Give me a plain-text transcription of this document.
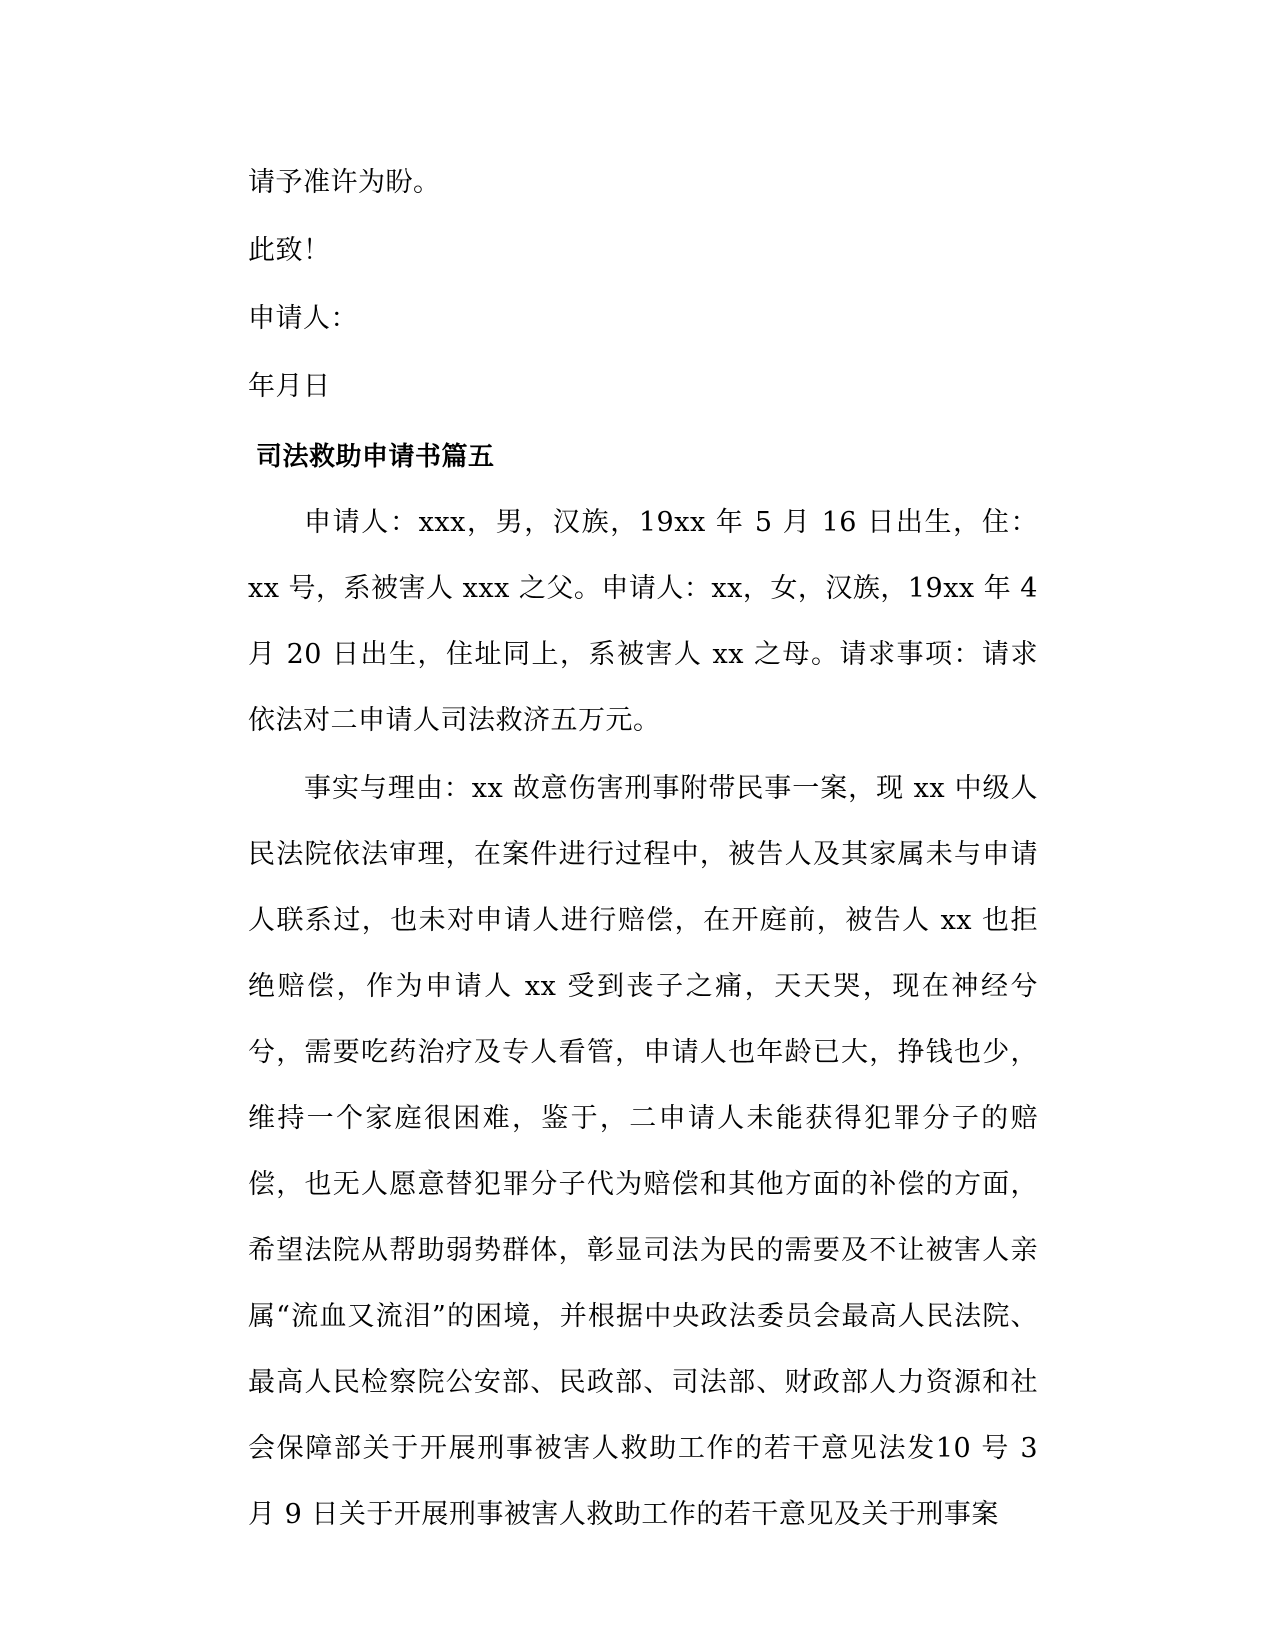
请予准许为盼。

此致！

申请人：

年月日

司法救助申请书篇五

申请人：xxx，男，汉族，19xx 年 5 月 16 日出生，住：xx 号，系被害人 xxx 之父。申请人：xx，女，汉族，19xx 年 4 月 20 日出生，住址同上，系被害人 xx 之母。请求事项：请求依法对二申请人司法救济五万元。

事实与理由：xx 故意伤害刑事附带民事一案，现 xx 中级人民法院依法审理，在案件进行过程中，被告人及其家属未与申请人联系过，也未对申请人进行赔偿，在开庭前，被告人 xx 也拒绝赔偿，作为申请人 xx 受到丧子之痛，天天哭，现在神经兮兮，需要吃药治疗及专人看管，申请人也年龄已大，挣钱也少，维持一个家庭很困难，鉴于，二申请人未能获得犯罪分子的赔偿，也无人愿意替犯罪分子代为赔偿和其他方面的补偿的方面，希望法院从帮助弱势群体，彰显司法为民的需要及不让被害人亲属“流血又流泪”的困境，并根据中央政法委员会最高人民法院、最高人民检察院公安部、民政部、司法部、财政部人力资源和社会保障部关于开展刑事被害人救助工作的若干意见法发10 号 3 月 9 日关于开展刑事被害人救助工作的若干意见及关于刑事案
